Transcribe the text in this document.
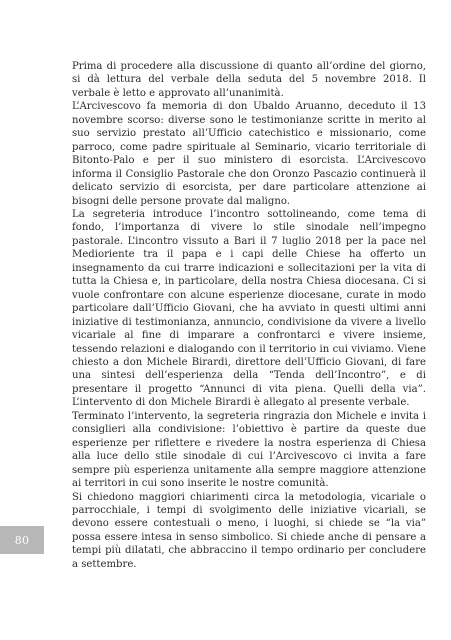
Prima di procedere alla discussione di quanto all’ordine del giorno, si dà lettura del verbale della seduta del 5 novembre 2018. Il verbale è letto e approvato all’unanimità.

L’Arcivescovo fa memoria di don Ubaldo Aruanno, deceduto il 13 novembre scorso: diverse sono le testimonianze scritte in merito al suo servizio prestato all’Ufficio catechistico e missionario, come parroco, come padre spirituale al Seminario, vicario territoriale di Bitonto-Palo e per il suo ministero di esorcista. L’Arcivescovo informa il Consiglio Pastorale che don Oronzo Pascazio continuerà il delicato servizio di esorcista, per dare particolare attenzione ai bisogni delle persone provate dal maligno.

La segreteria introduce l’incontro sottolineando, come tema di fondo, l’importanza di vivere lo stile sinodale nell’impegno pastorale. L’incontro vissuto a Bari il 7 luglio 2018 per la pace nel Medioriente tra il papa e i capi delle Chiese ha offerto un insegnamento da cui trarre indicazioni e sollecitazioni per la vita di tutta la Chiesa e, in particolare, della nostra Chiesa diocesana. Ci si vuole confrontare con alcune esperienze diocesane, curate in modo particolare dall’Ufficio Giovani, che ha avviato in questi ultimi anni iniziative di testimonianza, annuncio, condivisione da vivere a livello vicariale al fine di imparare a confrontarci e vivere insieme, tessendo relazioni e dialogando con il territorio in cui viviamo. Viene chiesto a don Michele Birardi, direttore dell’Ufficio Giovani, di fare una sintesi dell’esperienza della “Tenda dell’Incontro”, e di presentare il progetto “Annunci di vita piena. Quelli della via”. L’intervento di don Michele Birardi è allegato al presente verbale.

Terminato l’intervento, la segreteria ringrazia don Michele e invita i consiglieri alla condivisione: l’obiettivo è partire da queste due esperienze per riflettere e rivedere la nostra esperienza di Chiesa alla luce dello stile sinodale di cui l’Arcivescovo ci invita a fare sempre più esperienza unitamente alla sempre maggiore attenzione ai territori in cui sono inserite le nostre comunità.

Si chiedono maggiori chiarimenti circa la metodologia, vicariale o parrocchiale, i tempi di svolgimento delle iniziative vicariali, se devono essere contestuali o meno, i luoghi, si chiede se “la via” possa essere intesa in senso simbolico. Si chiede anche di pensare a tempi più dilatati, che abbraccino il tempo ordinario per concludere a settembre.

80
